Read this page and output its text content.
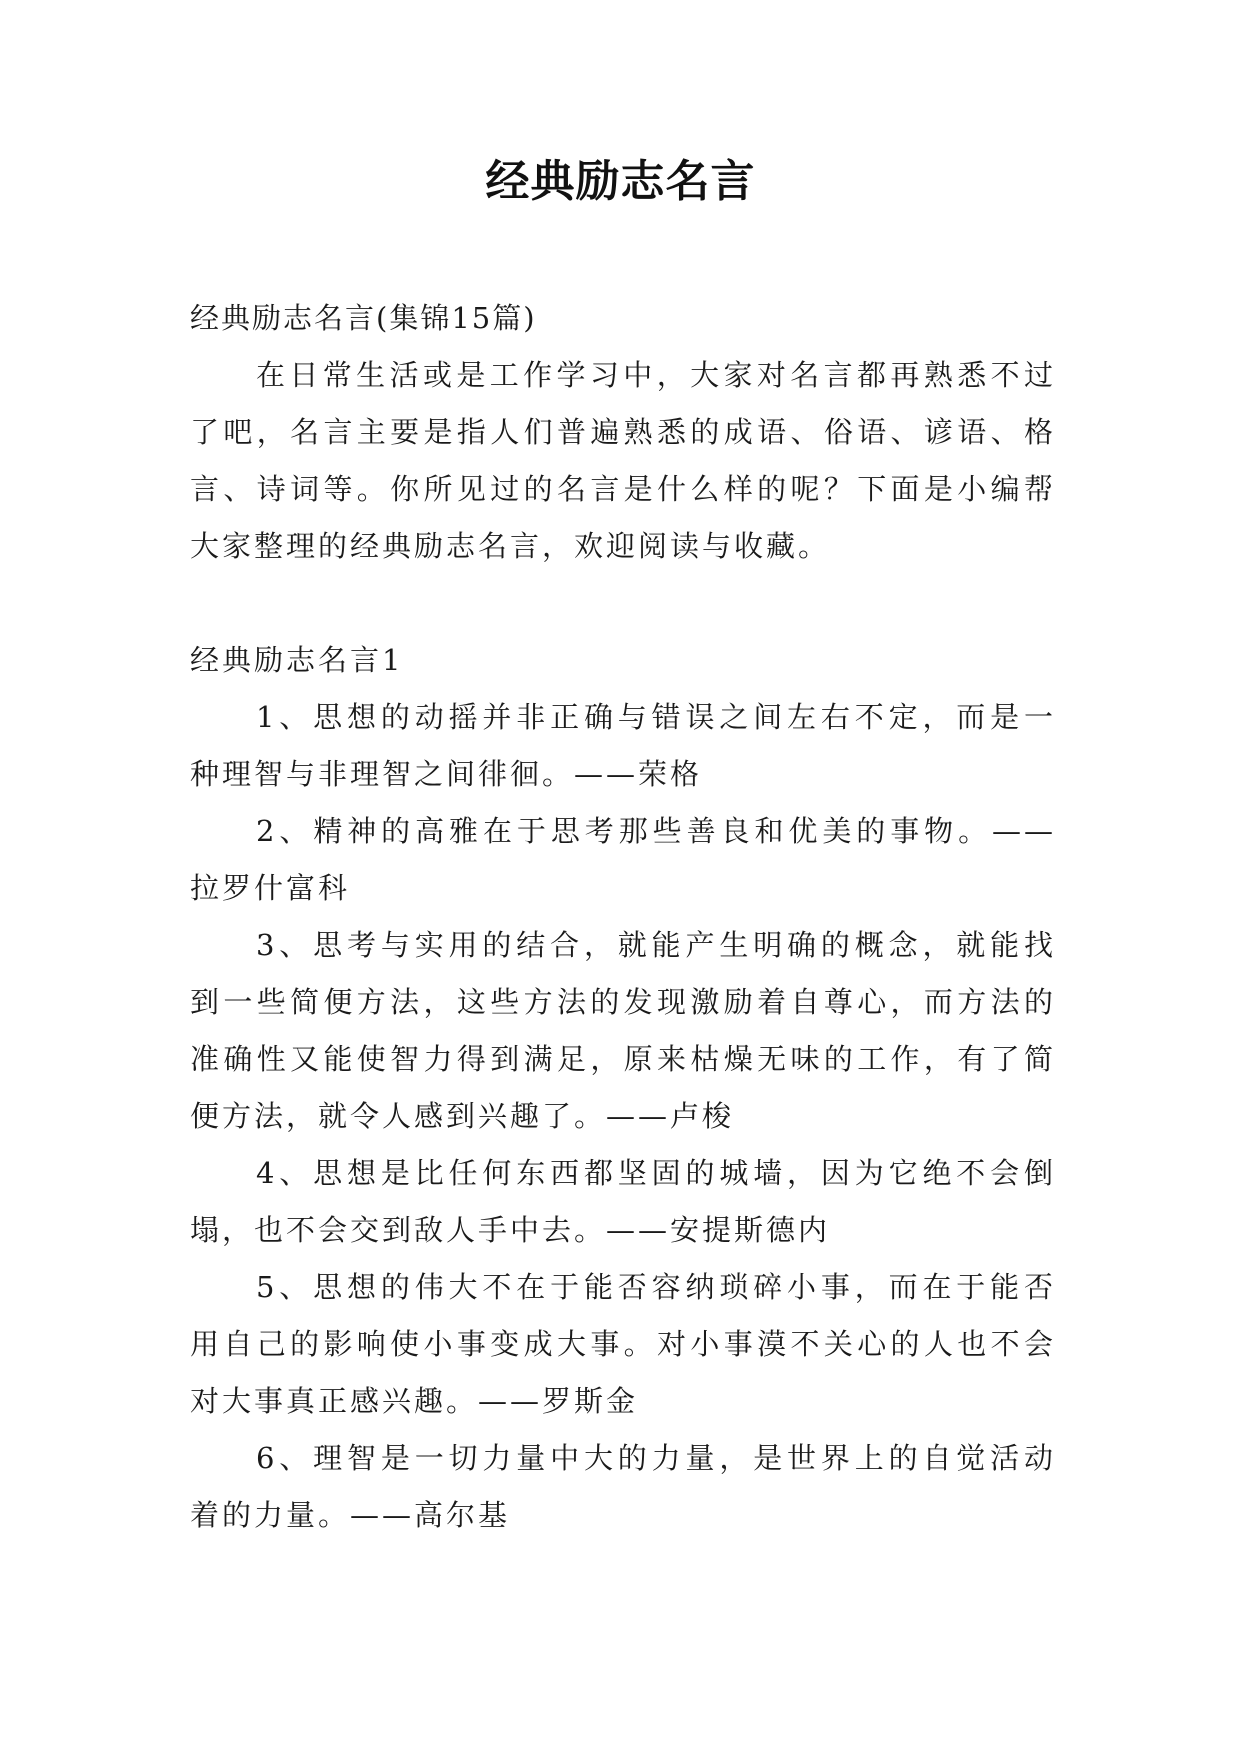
经典励志名言
经典励志名言(集锦15篇)
在日常生活或是工作学习中，大家对名言都再熟悉不过
了吧，名言主要是指人们普遍熟悉的成语、俗语、谚语、格
言、诗词等。你所见过的名言是什么样的呢？下面是小编帮
大家整理的经典励志名言，欢迎阅读与收藏。
经典励志名言1
1、思想的动摇并非正确与错误之间左右不定，而是一
种理智与非理智之间徘徊。——荣格
2、精神的高雅在于思考那些善良和优美的事物。——
拉罗什富科
3、思考与实用的结合，就能产生明确的概念，就能找
到一些简便方法，这些方法的发现激励着自尊心，而方法的
准确性又能使智力得到满足，原来枯燥无味的工作，有了简
便方法，就令人感到兴趣了。——卢梭
4、思想是比任何东西都坚固的城墙，因为它绝不会倒
塌，也不会交到敌人手中去。——安提斯德内
5、思想的伟大不在于能否容纳琐碎小事，而在于能否
用自己的影响使小事变成大事。对小事漠不关心的人也不会
对大事真正感兴趣。——罗斯金
6、理智是一切力量中大的力量，是世界上的自觉活动
着的力量。——高尔基
